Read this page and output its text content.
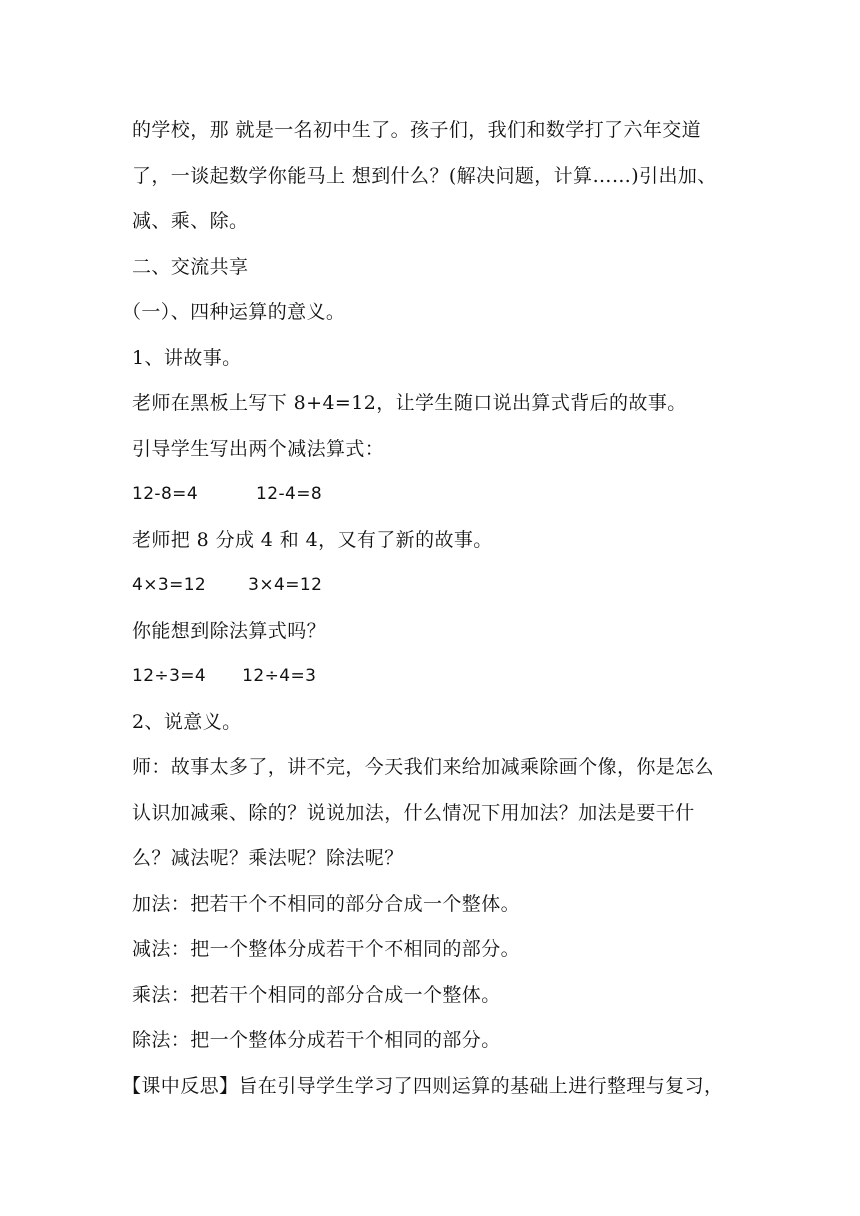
的学校，那 就是一名初中生了。孩子们，我们和数学打了六年交道
了，一谈起数学你能马上 想到什么？(解决问题，计算……)引出加、
减、乘、除。
二、交流共享
（一）、四种运算的意义。
1、讲故事。
老师在黑板上写下 8+4=12，让学生随口说出算式背后的故事。
引导学生写出两个减法算式：
12-8=4	12-4=8
老师把 8 分成 4 和 4，又有了新的故事。
4×3=12 3×4=12
你能想到除法算式吗？
12÷3=4 12÷4=3
2、说意义。
师：故事太多了，讲不完，今天我们来给加减乘除画个像，你是怎么
认识加减乘、除的？说说加法，什么情况下用加法？加法是要干什
么？减法呢？乘法呢？除法呢？
加法：把若干个不相同的部分合成一个整体。
减法：把一个整体分成若干个不相同的部分。
乘法：把若干个相同的部分合成一个整体。
除法：把一个整体分成若干个相同的部分。
【课中反思】旨在引导学生学习了四则运算的基础上进行整理与复习，
